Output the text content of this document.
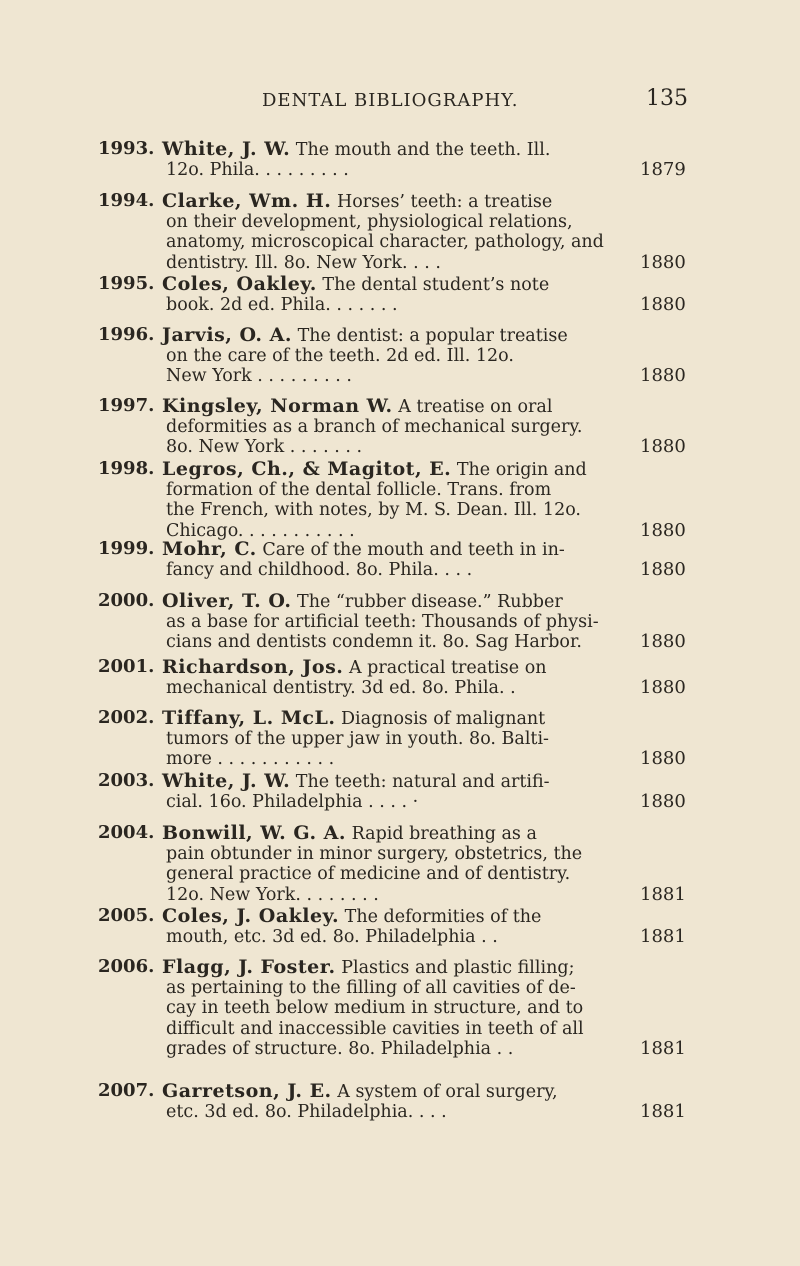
DENTAL BIBLIOGRAPHY.	135
1993. White, J. W. The mouth and the teeth. Ill.
12o. Phila. . . . . . . . .	1879
1994. Clarke, Wm. H. Horses’ teeth: a treatise
on their development, physiological relations,
anatomy, microscopical character, pathology, and
dentistry. Ill. 8o. New York. . . .	1880
1995. Coles, Oakley. The dental student’s note
book. 2d ed. Phila. . . . . . .	1880
1996. Jarvis, O. A. The dentist: a popular treatise
on the care of the teeth. 2d ed. Ill. 12o.
New York . . . . . . . . .	1880
1997. Kingsley, Norman W. A treatise on oral
deformities as a branch of mechanical surgery.
8o. New York . . . . . . .	1880
1998. Legros, Ch., & Magitot, E. The origin and
formation of the dental follicle. Trans. from
the French, with notes, by M. S. Dean. Ill. 12o.
Chicago. . . . . . . . . . .	1880
1999. Mohr, C. Care of the mouth and teeth in in-
fancy and childhood. 8o. Phila. . . .	1880
2000. Oliver, T. O. The “rubber disease.” Rubber
as a base for artificial teeth: Thousands of physi-
cians and dentists condemn it. 8o. Sag Harbor.	1880
2001. Richardson, Jos. A practical treatise on
mechanical dentistry. 3d ed. 8o. Phila. .	1880
2002. Tiffany, L. McL. Diagnosis of malignant
tumors of the upper jaw in youth. 8o. Balti-
more . . . . . . . . . . .	1880
2003. White, J. W. The teeth: natural and artifi-
cial. 16o. Philadelphia . . . . ·	1880
2004. Bonwill, W. G. A. Rapid breathing as a
pain obtunder in minor surgery, obstetrics, the
general practice of medicine and of dentistry.
12o. New York. . . . . . . .	1881
2005. Coles, J. Oakley. The deformities of the
mouth, etc. 3d ed. 8o. Philadelphia . .	1881
2006. Flagg, J. Foster. Plastics and plastic filling;
as pertaining to the filling of all cavities of de-
cay in teeth below medium in structure, and to
difficult and inaccessible cavities in teeth of all
grades of structure. 8o. Philadelphia . .	1881
2007. Garretson, J. E. A system of oral surgery,
etc. 3d ed. 8o. Philadelphia. . . .	1881
